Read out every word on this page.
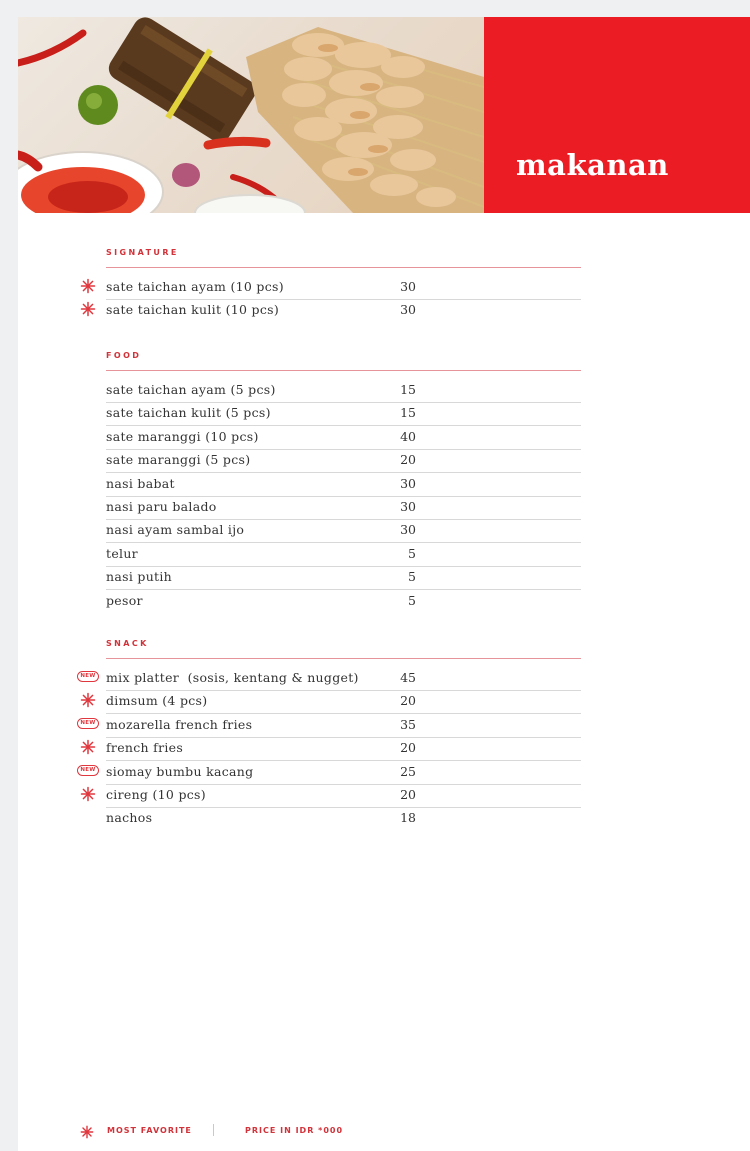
makanan
SIGNATURE
sate taichan ayam (10 pcs)	30
sate taichan kulit (10 pcs)	30
FOOD
sate taichan ayam (5 pcs)	15
sate taichan kulit (5 pcs)	15
sate maranggi (10 pcs)	40
sate maranggi (5 pcs)	20
nasi babat	30
nasi paru balado	30
nasi ayam sambal ijo	30
telur	5
nasi putih	5
pesor	5
SNACK
NEW mix platter  (sosis, kentang & nugget)	45
dimsum (4 pcs)	20
NEW mozarella french fries	35
french fries	20
NEW siomay bumbu kacang	25
cireng (10 pcs)	20
nachos	18
MOST FAVORITE	PRICE IN IDR *000
